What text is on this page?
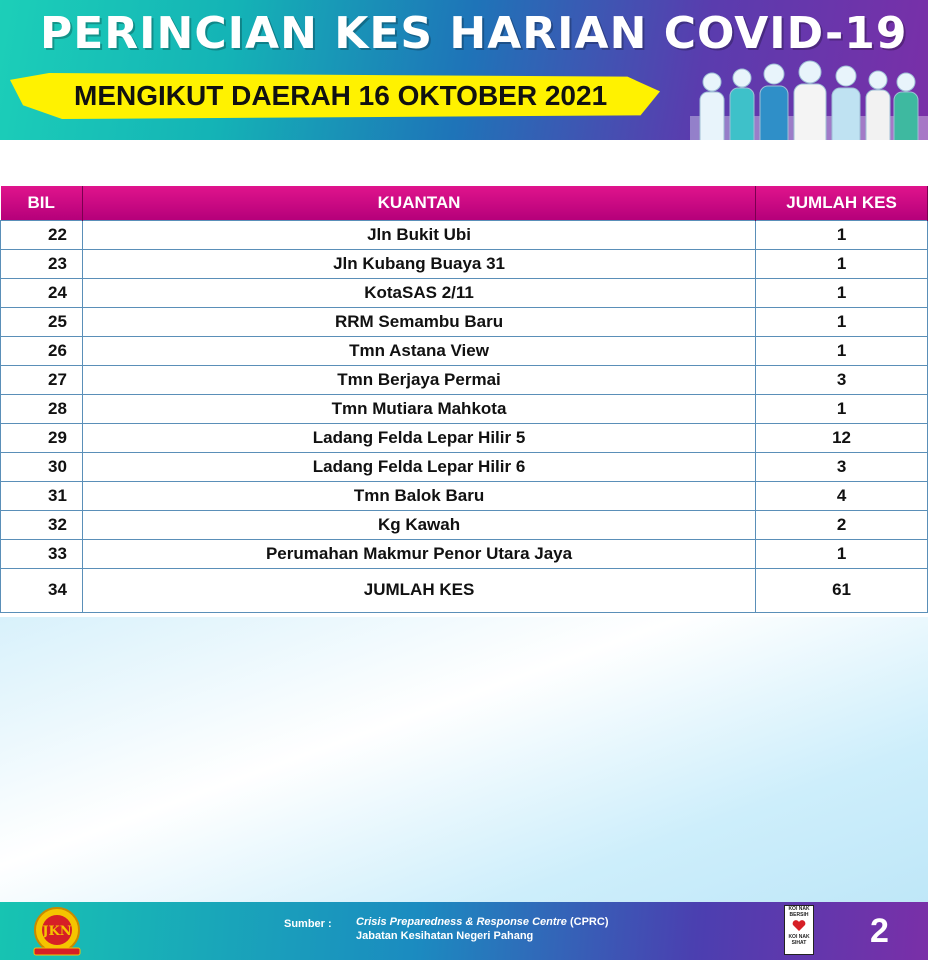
PERINCIAN KES HARIAN COVID-19
MENGIKUT DAERAH 16 OKTOBER 2021
BIL	KUANTAN	JUMLAH KES
22	Jln Bukit Ubi	1
23	Jln Kubang Buaya 31	1
24	KotaSAS 2/11	1
25	RRM Semambu Baru	1
26	Tmn Astana View	1
27	Tmn Berjaya Permai	3
28	Tmn Mutiara Mahkota	1
29	Ladang Felda Lepar Hilir 5	12
30	Ladang Felda Lepar Hilir 6	3
31	Tmn Balok Baru	4
32	Kg Kawah	2
33	Perumahan Makmur Penor Utara Jaya	1
34	JUMLAH KES	61
JKN	Sumber : Crisis Preparedness & Response Centre (CPRC)
Jabatan Kesihatan Negeri Pahang
KOI NAK BERSIH
KOI NAK SIHAT 2
